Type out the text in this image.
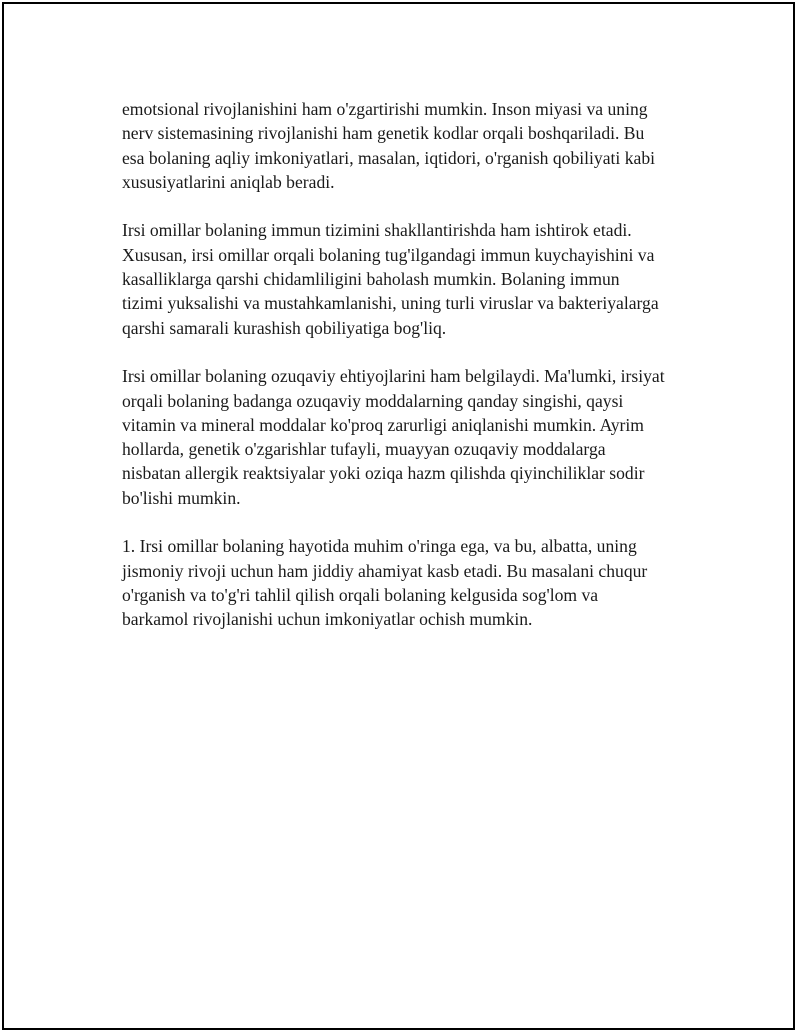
emotsional rivojlanishini ham o'zgartirishi mumkin. Inson miyasi va uning
nerv sistemasining rivojlanishi ham genetik kodlar orqali boshqariladi. Bu
esa bolaning aqliy imkoniyatlari, masalan, iqtidori, o'rganish qobiliyati kabi
xususiyatlarini aniqlab beradi.

Irsi omillar bolaning immun tizimini shakllantirishda ham ishtirok etadi.
Xususan, irsi omillar orqali bolaning tug'ilgandagi immun kuychayishini va
kasalliklarga qarshi chidamliligini baholash mumkin. Bolaning immun
tizimi yuksalishi va mustahkamlanishi, uning turli viruslar va bakteriyalarga
qarshi samarali kurashish qobiliyatiga bog'liq.

Irsi omillar bolaning ozuqaviy ehtiyojlarini ham belgilaydi. Ma'lumki, irsiyat
orqali bolaning badanga ozuqaviy moddalarning qanday singishi, qaysi
vitamin va mineral moddalar ko'proq zarurligi aniqlanishi mumkin. Ayrim
hollarda, genetik o'zgarishlar tufayli, muayyan ozuqaviy moddalarga
nisbatan allergik reaktsiyalar yoki oziqa hazm qilishda qiyinchiliklar sodir
bo'lishi mumkin.

1. Irsi omillar bolaning hayotida muhim o'ringa ega, va bu, albatta, uning
jismoniy rivoji uchun ham jiddiy ahamiyat kasb etadi. Bu masalani chuqur
o'rganish va to'g'ri tahlil qilish orqali bolaning kelgusida sog'lom va
barkamol rivojlanishi uchun imkoniyatlar ochish mumkin.
